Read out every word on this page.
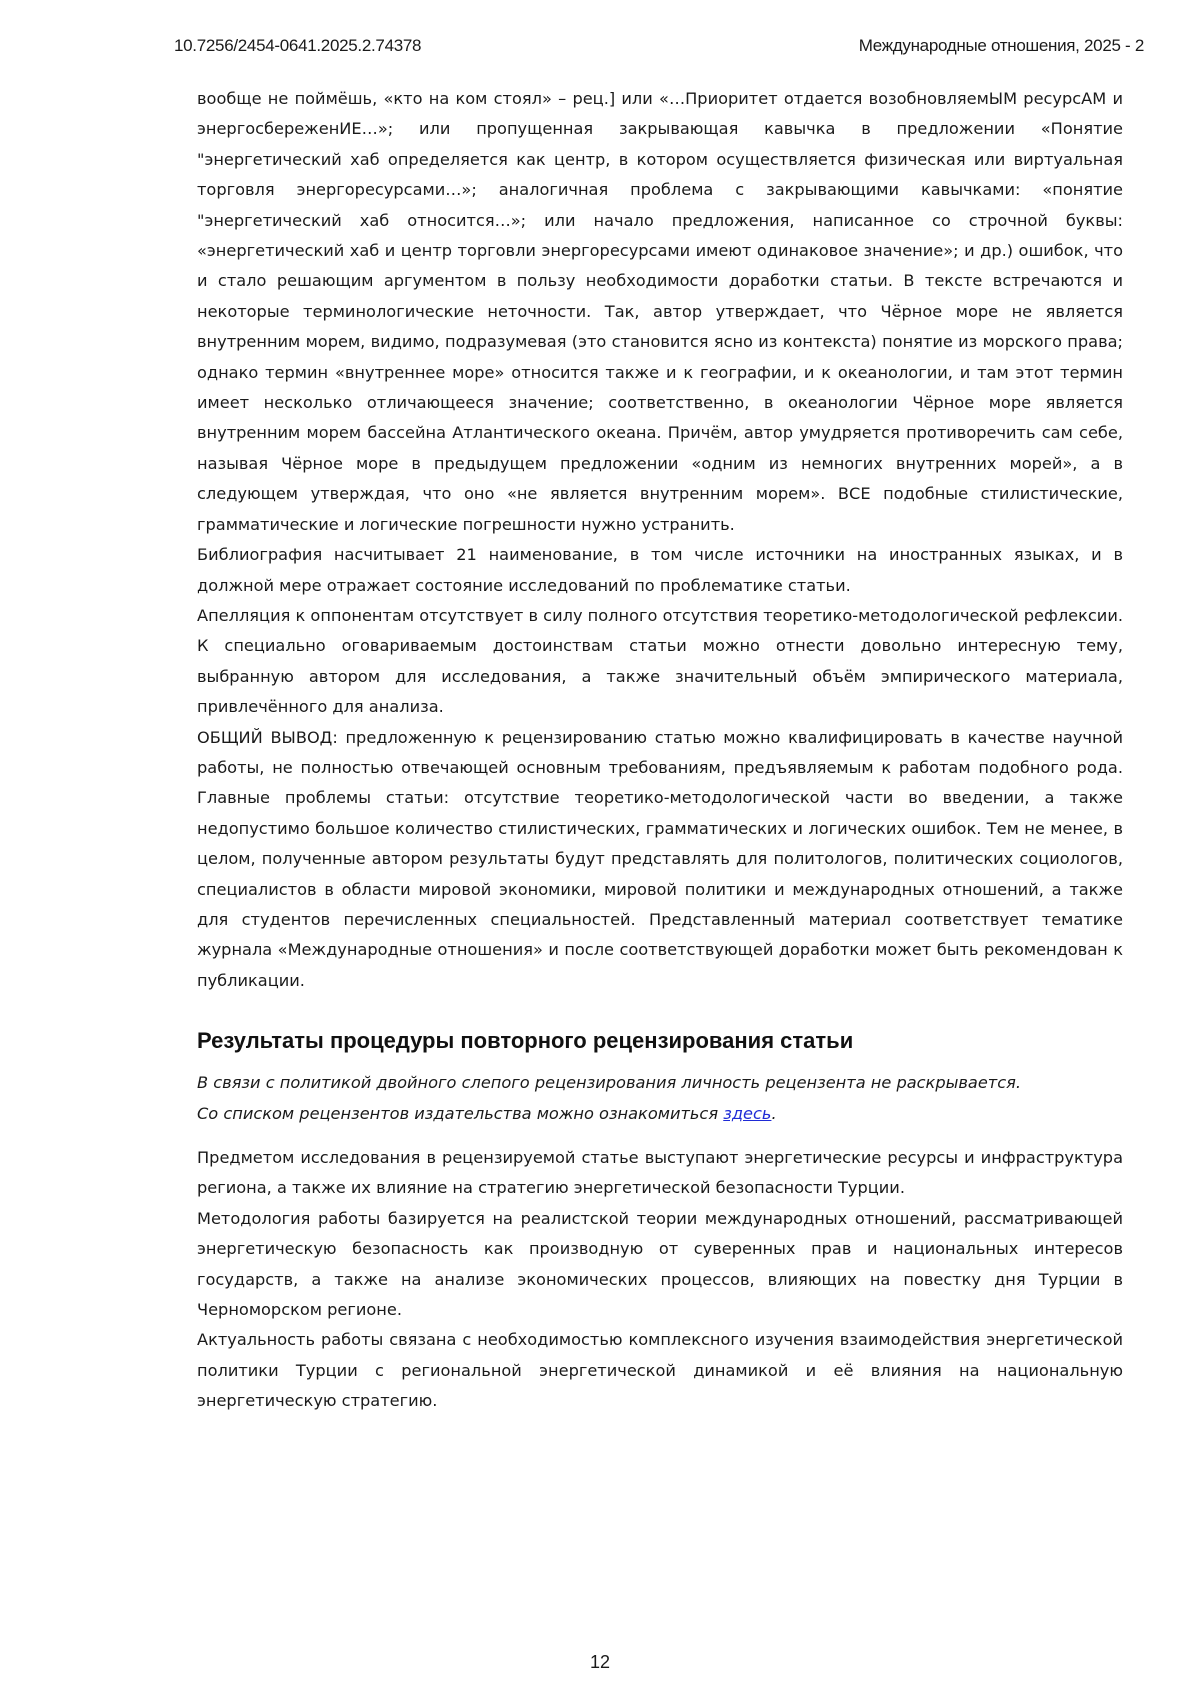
10.7256/2454-0641.2025.2.74378	Международные отношения, 2025 - 2

вообще не поймёшь, «кто на ком стоял» – рец.] или «…Приоритет отдается возобновляемЫМ ресурсАМ и энергосбереженИЕ…»; или пропущенная закрывающая кавычка в предложении «Понятие "энергетический хаб определяется как центр, в котором осуществляется физическая или виртуальная торговля энергоресурсами…»; аналогичная проблема с закрывающими кавычками: «понятие "энергетический хаб относится…»; или начало предложения, написанное со строчной буквы: «энергетический хаб и центр торговли энергоресурсами имеют одинаковое значение»; и др.) ошибок, что и стало решающим аргументом в пользу необходимости доработки статьи. В тексте встречаются и некоторые терминологические неточности. Так, автор утверждает, что Чёрное море не является внутренним морем, видимо, подразумевая (это становится ясно из контекста) понятие из морского права; однако термин «внутреннее море» относится также и к географии, и к океанологии, и там этот термин имеет несколько отличающееся значение; соответственно, в океанологии Чёрное море является внутренним морем бассейна Атлантического океана. Причём, автор умудряется противоречить сам себе, называя Чёрное море в предыдущем предложении «одним из немногих внутренних морей», а в следующем утверждая, что оно «не является внутренним морем». ВСЕ подобные стилистические, грамматические и логические погрешности нужно устранить.

Библиография насчитывает 21 наименование, в том числе источники на иностранных языках, и в должной мере отражает состояние исследований по проблематике статьи.

Апелляция к оппонентам отсутствует в силу полного отсутствия теоретико-методологической рефлексии. К специально оговариваемым достоинствам статьи можно отнести довольно интересную тему, выбранную автором для исследования, а также значительный объём эмпирического материала, привлечённого для анализа.

ОБЩИЙ ВЫВОД: предложенную к рецензированию статью можно квалифицировать в качестве научной работы, не полностью отвечающей основным требованиям, предъявляемым к работам подобного рода. Главные проблемы статьи: отсутствие теоретико-методологической части во введении, а также недопустимо большое количество стилистических, грамматических и логических ошибок. Тем не менее, в целом, полученные автором результаты будут представлять для политологов, политических социологов, специалистов в области мировой экономики, мировой политики и международных отношений, а также для студентов перечисленных специальностей. Представленный материал соответствует тематике журнала «Международные отношения» и после соответствующей доработки может быть рекомендован к публикации.

Результаты процедуры повторного рецензирования статьи

В связи с политикой двойного слепого рецензирования личность рецензента не раскрывается.

Со списком рецензентов издательства можно ознакомиться здесь.

Предметом исследования в рецензируемой статье выступают энергетические ресурсы и инфраструктура региона, а также их влияние на стратегию энергетической безопасности Турции.

Методология работы базируется на реалистской теории международных отношений, рассматривающей энергетическую безопасность как производную от суверенных прав и национальных интересов государств, а также на анализе экономических процессов, влияющих на повестку дня Турции в Черноморском регионе.

Актуальность работы связана с необходимостью комплексного изучения взаимодействия энергетической политики Турции с региональной энергетической динамикой и её влияния на национальную энергетическую стратегию.

12
